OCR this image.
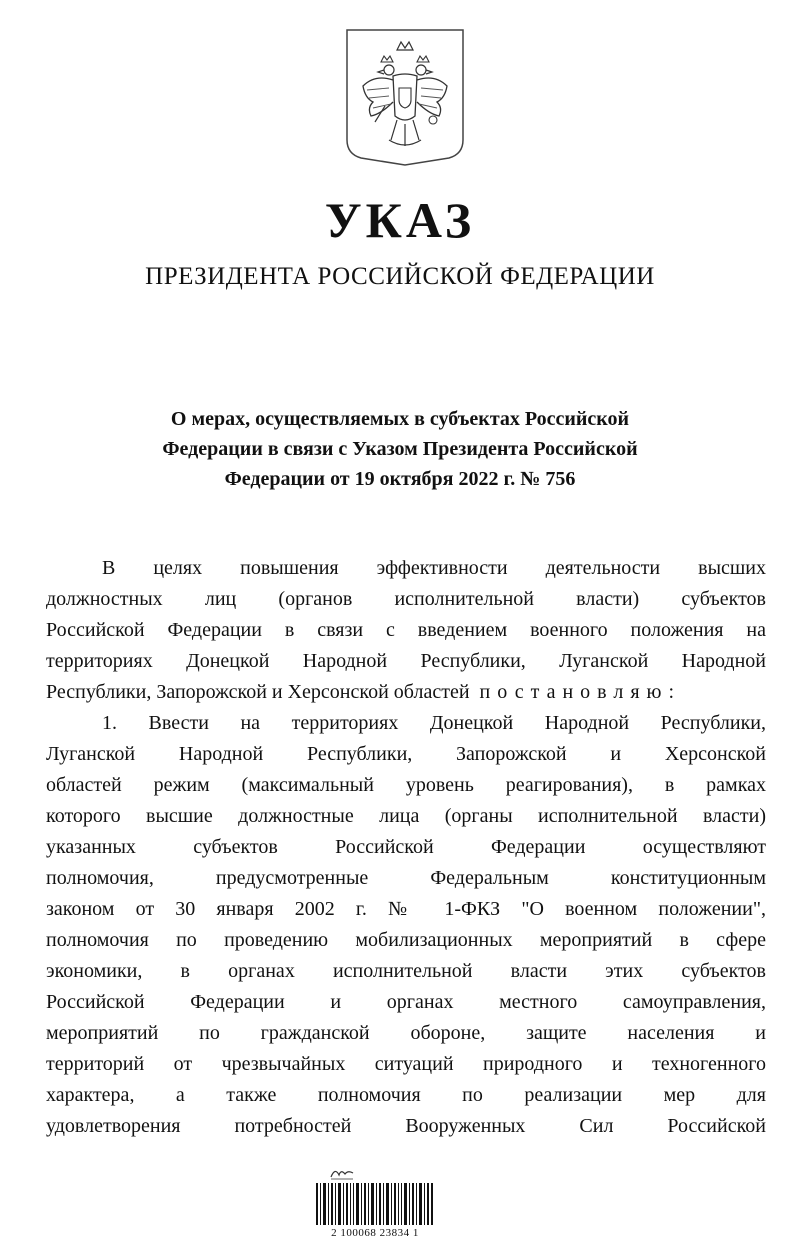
УКАЗ
ПРЕЗИДЕНТА РОССИЙСКОЙ ФЕДЕРАЦИИ
О мерах, осуществляемых в субъектах Российской
Федерации в связи с Указом Президента Российской
Федерации от 19 октября 2022 г. № 756
В целях повышения эффективности деятельности высших
должностных лиц (органов исполнительной власти) субъектов
Российской Федерации в связи с введением военного положения на
территориях Донецкой Народной Республики, Луганской Народной
Республики, Запорожской и Херсонской областей постановляю:
1. Ввести на территориях Донецкой Народной Республики,
Луганской Народной Республики, Запорожской и Херсонской
областей режим (максимальный уровень реагирования), в рамках
которого высшие должностные лица (органы исполнительной власти)
указанных субъектов Российской Федерации осуществляют
полномочия, предусмотренные Федеральным конституционным
законом от 30 января 2002 г. № 1-ФКЗ "О военном положении",
полномочия по проведению мобилизационных мероприятий в сфере
экономики, в органах исполнительной власти этих субъектов
Российской Федерации и органах местного самоуправления,
мероприятий по гражданской обороне, защите населения и
территорий от чрезвычайных ситуаций природного и техногенного
характера, а также полномочия по реализации мер для
удовлетворения потребностей Вооруженных Сил Российской
2 100068 23834 1
